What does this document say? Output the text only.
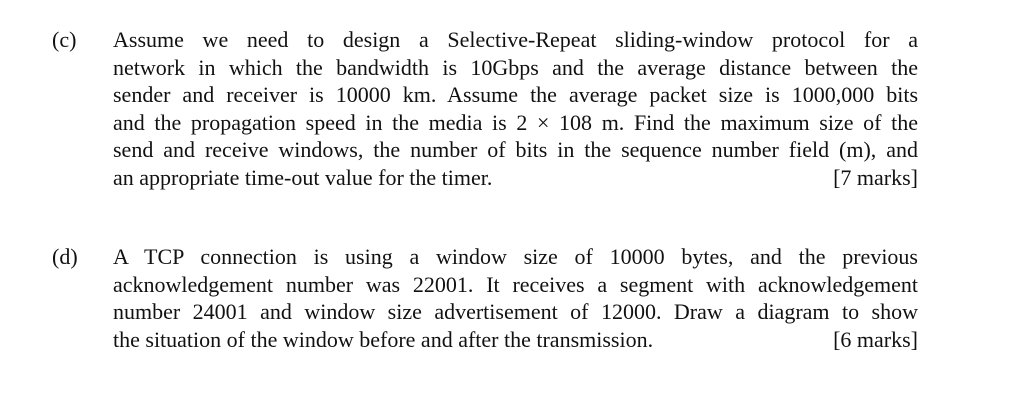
(c) Assume we need to design a Selective-Repeat sliding-window protocol for a
network in which the bandwidth is 10Gbps and the average distance between the
sender and receiver is 10000 km. Assume the average packet size is 1000,000 bits
and the propagation speed in the media is 2 × 108 m. Find the maximum size of the
send and receive windows, the number of bits in the sequence number field (m), and
an appropriate time-out value for the timer.	[7 marks]
(d) A TCP connection is using a window size of 10000 bytes, and the previous
acknowledgement number was 22001. It receives a segment with acknowledgement
number 24001 and window size advertisement of 12000. Draw a diagram to show
the situation of the window before and after the transmission.	[6 marks]
